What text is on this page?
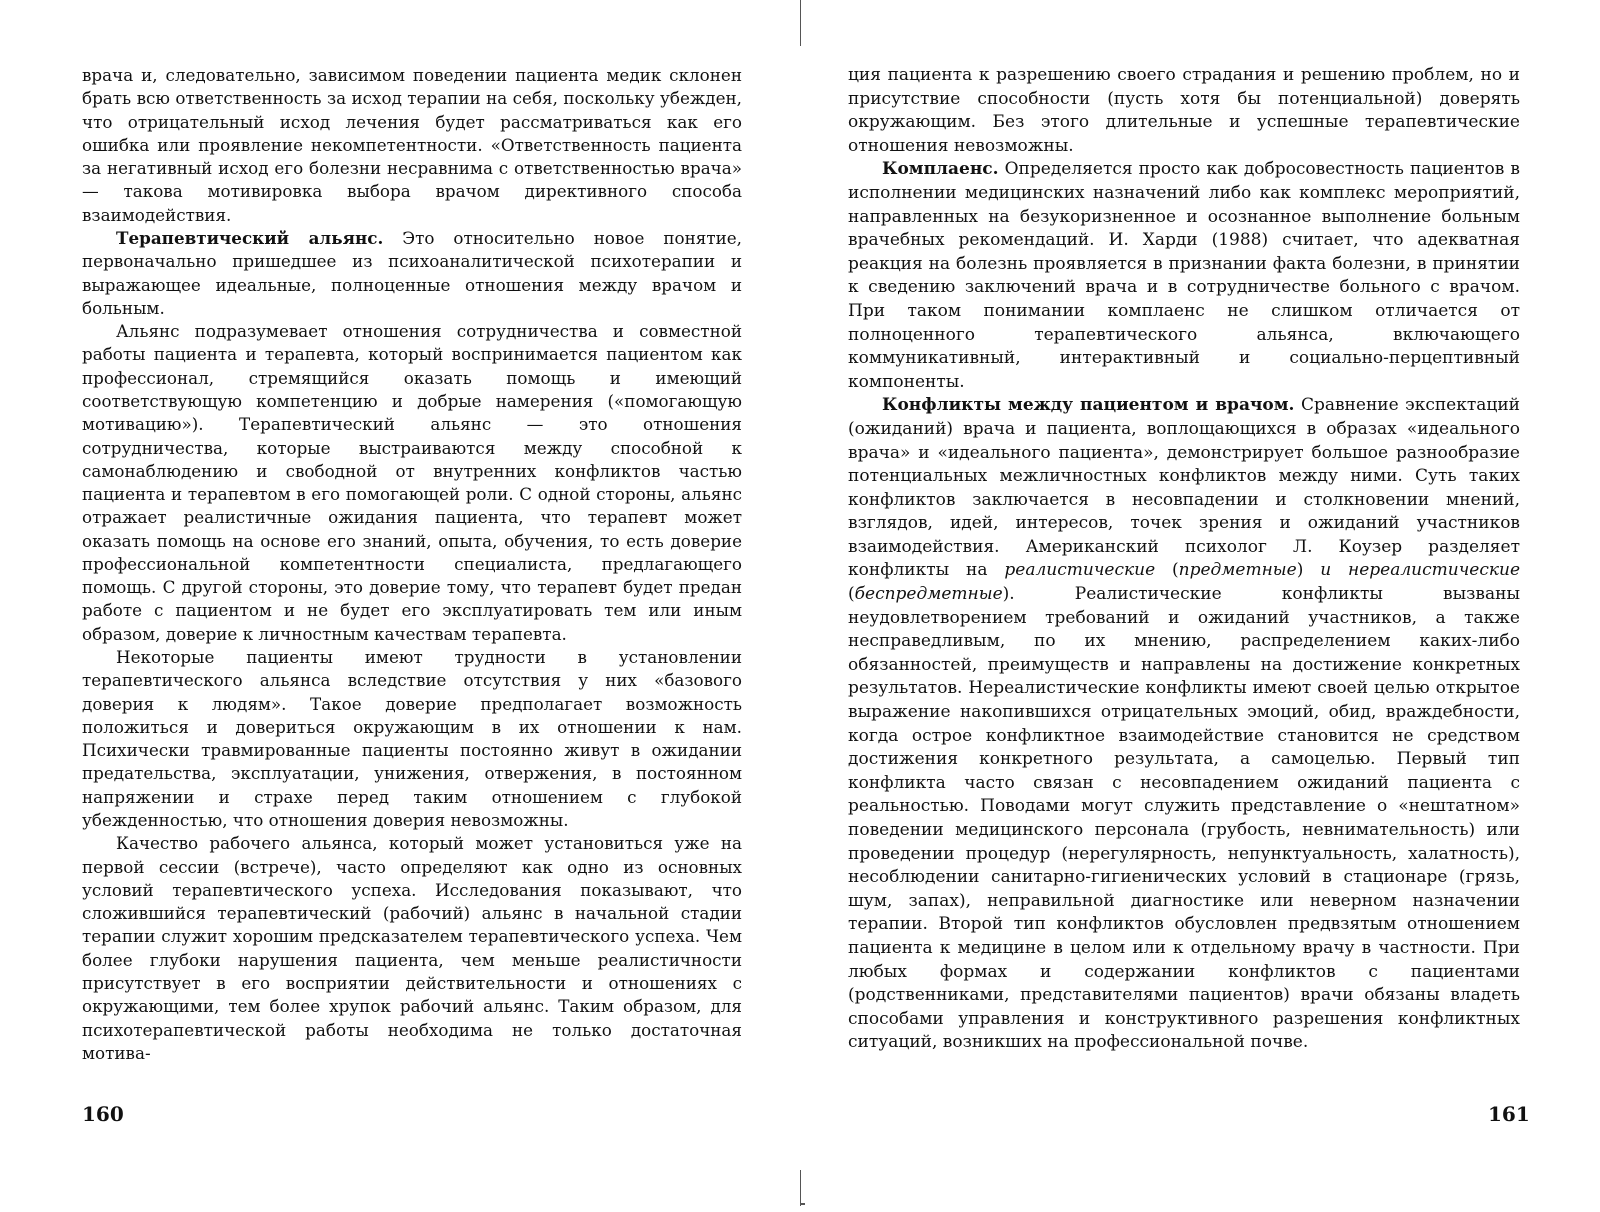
врача и, следовательно, зависимом поведении пациента медик склонен брать всю ответственность за исход терапии на себя, поскольку убежден, что отрицательный исход лечения будет рассматриваться как его ошибка или проявление некомпетентности. «Ответственность пациента за негативный исход его болезни несравнима с ответственностью врача» — такова мотивировка выбора врачом директивного способа взаимодействия.

Терапевтический альянс. Это относительно новое понятие, первоначально пришедшее из психоаналитической психотерапии и выражающее идеальные, полноценные отношения между врачом и больным.

Альянс подразумевает отношения сотрудничества и совместной работы пациента и терапевта, который воспринимается пациентом как профессионал, стремящийся оказать помощь и имеющий соответствующую компетенцию и добрые намерения («помогающую мотивацию»). Терапевтический альянс — это отношения сотрудничества, которые выстраиваются между способной к самонаблюдению и свободной от внутренних конфликтов частью пациента и терапевтом в его помогающей роли. С одной стороны, альянс отражает реалистичные ожидания пациента, что терапевт может оказать помощь на основе его знаний, опыта, обучения, то есть доверие профессиональной компетентности специалиста, предлагающего помощь. С другой стороны, это доверие тому, что терапевт будет предан работе с пациентом и не будет его эксплуатировать тем или иным образом, доверие к личностным качествам терапевта.

Некоторые пациенты имеют трудности в установлении терапевтического альянса вследствие отсутствия у них «базового доверия к людям». Такое доверие предполагает возможность положиться и довериться окружающим в их отношении к нам. Психически травмированные пациенты постоянно живут в ожидании предательства, эксплуатации, унижения, отвержения, в постоянном напряжении и страхе перед таким отношением с глубокой убежденностью, что отношения доверия невозможны.

Качество рабочего альянса, который может установиться уже на первой сессии (встрече), часто определяют как одно из основных условий терапевтического успеха. Исследования показывают, что сложившийся терапевтический (рабочий) альянс в начальной стадии терапии служит хорошим предсказателем терапевтического успеха. Чем более глубоки нарушения пациента, чем меньше реалистичности присутствует в его восприятии действительности и отношениях с окружающими, тем более хрупок рабочий альянс. Таким образом, для психотерапевтической работы необходима не только достаточная мотива-

160

ция пациента к разрешению своего страдания и решению проблем, но и присутствие способности (пусть хотя бы потенциальной) доверять окружающим. Без этого длительные и успешные терапевтические отношения невозможны.

Комплаенс. Определяется просто как добросовестность пациентов в исполнении медицинских назначений либо как комплекс мероприятий, направленных на безукоризненное и осознанное выполнение больным врачебных рекомендаций. И. Харди (1988) считает, что адекватная реакция на болезнь проявляется в признании факта болезни, в принятии к сведению заключений врача и в сотрудничестве больного с врачом. При таком понимании комплаенс не слишком отличается от полноценного терапевтического альянса, включающего коммуникативный, интерактивный и социально-перцептивный компоненты.

Конфликты между пациентом и врачом. Сравнение экспектаций (ожиданий) врача и пациента, воплощающихся в образах «идеального врача» и «идеального пациента», демонстрирует большое разнообразие потенциальных межличностных конфликтов между ними. Суть таких конфликтов заключается в несовпадении и столкновении мнений, взглядов, идей, интересов, точек зрения и ожиданий участников взаимодействия. Американский психолог Л. Коузер разделяет конфликты на реалистические (предметные) и нереалистические (беспредметные). Реалистические конфликты вызваны неудовлетворением требований и ожиданий участников, а также несправедливым, по их мнению, распределением каких-либо обязанностей, преимуществ и направлены на достижение конкретных результатов. Нереалистические конфликты имеют своей целью открытое выражение накопившихся отрицательных эмоций, обид, враждебности, когда острое конфликтное взаимодействие становится не средством достижения конкретного результата, а самоцелью. Первый тип конфликта часто связан с несовпадением ожиданий пациента с реальностью. Поводами могут служить представление о «нештатном» поведении медицинского персонала (грубость, невнимательность) или проведении процедур (нерегулярность, непунктуальность, халатность), несоблюдении санитарно-гигиенических условий в стационаре (грязь, шум, запах), неправильной диагностике или неверном назначении терапии. Второй тип конфликтов обусловлен предвзятым отношением пациента к медицине в целом или к отдельному врачу в частности. При любых формах и содержании конфликтов с пациентами (родственниками, представителями пациентов) врачи обязаны владеть способами управления и конструктивного разрешения конфликтных ситуаций, возникших на профессиональной почве.

161
